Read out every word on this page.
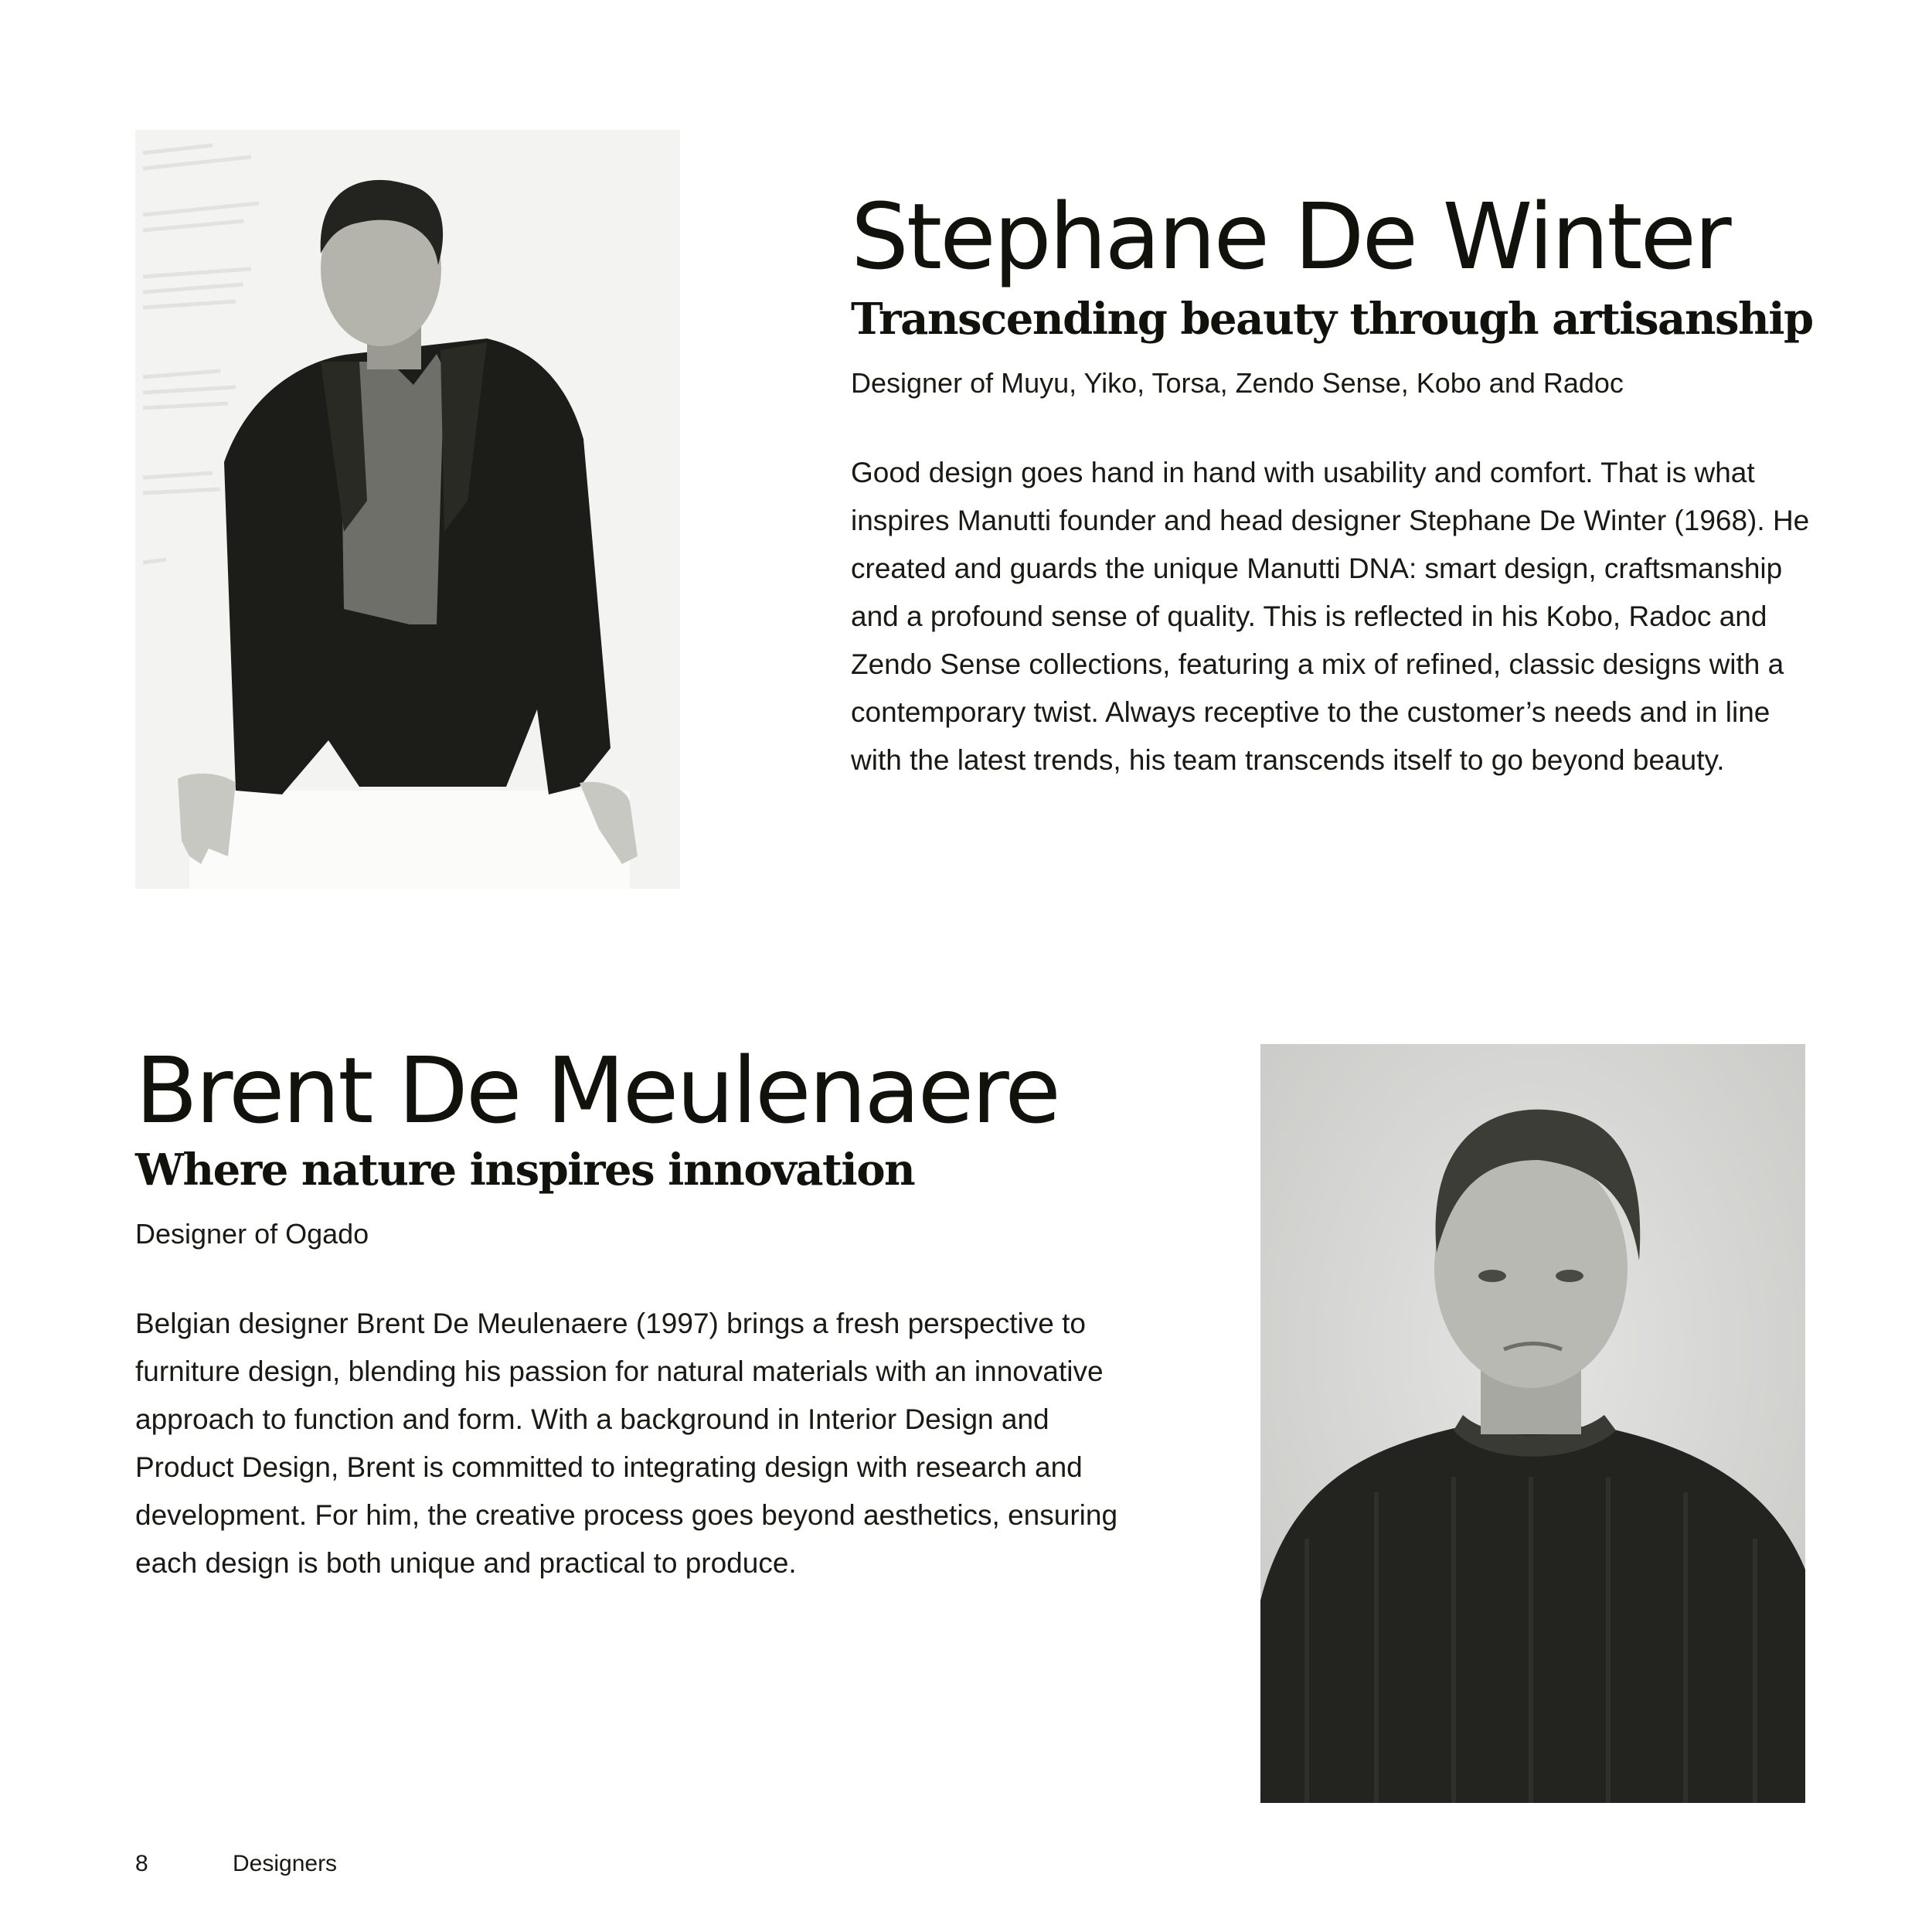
Stephane De Winter
Transcending beauty through artisanship

Designer of Muyu, Yiko, Torsa, Zendo Sense, Kobo and Radoc

Good design goes hand in hand with usability and comfort. That is what inspires Manutti founder and head designer Stephane De Winter (1968). He created and guards the unique Manutti DNA: smart design, craftsmanship and a profound sense of quality. This is reflected in his Kobo, Radoc and Zendo Sense collections, featuring a mix of refined, classic designs with a contemporary twist. Always receptive to the customer’s needs and in line with the latest trends, his team transcends itself to go beyond beauty.

Brent De Meulenaere
Where nature inspires innovation

Designer of Ogado

Belgian designer Brent De Meulenaere (1997) brings a fresh perspective to furniture design, blending his passion for natural materials with an innovative approach to function and form. With a background in Interior Design and Product Design, Brent is committed to integrating design with research and development. For him, the creative process goes beyond aesthetics, ensuring each design is both unique and practical to produce.

8	Designers
